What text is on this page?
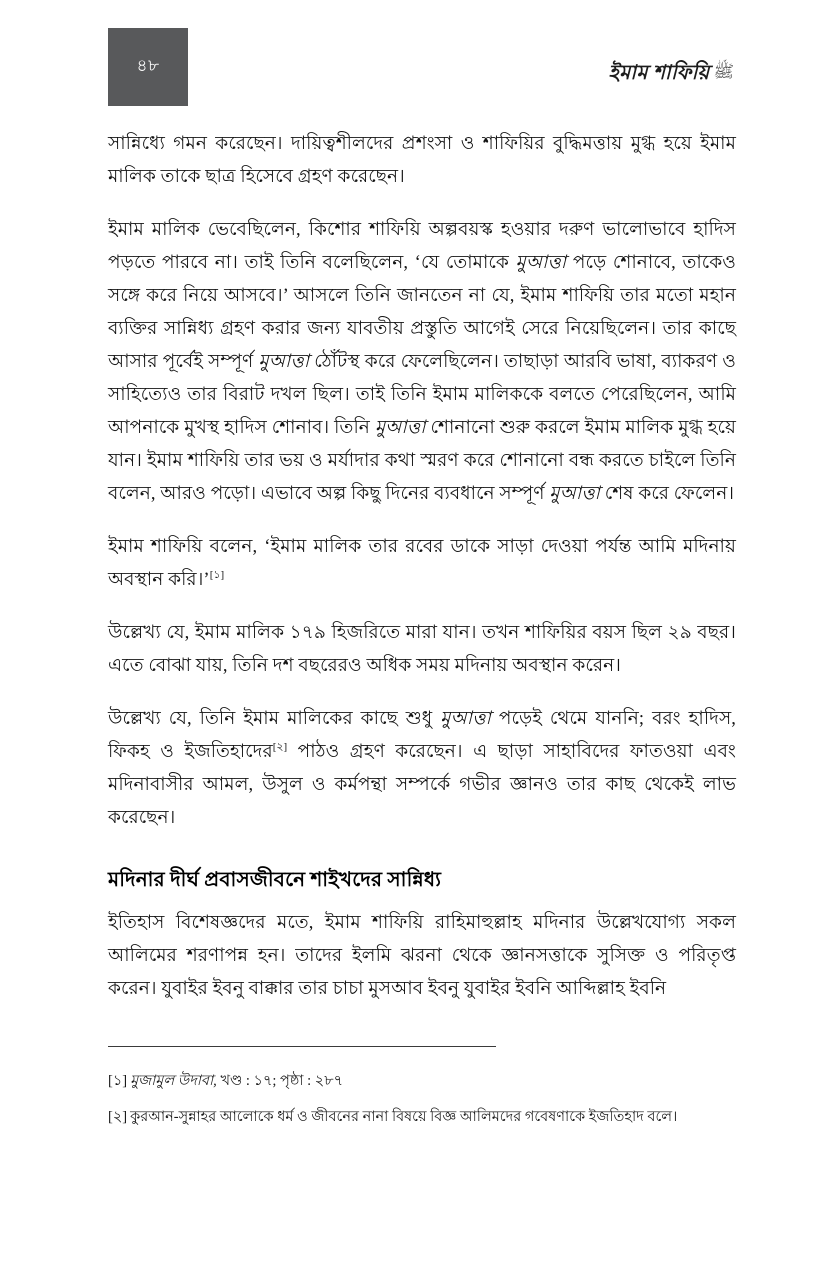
৪৮	ইমাম শাফিয়ি ﷺ

সান্নিধ্যে গমন করেছেন। দায়িত্বশীলদের প্রশংসা ও শাফিয়ির বুদ্ধিমত্তায় মুগ্ধ হয়ে ইমাম মালিক তাকে ছাত্র হিসেবে গ্রহণ করেছেন।

ইমাম মালিক ভেবেছিলেন, কিশোর শাফিয়ি অল্পবয়স্ক হওয়ার দরুণ ভালোভাবে হাদিস পড়তে পারবে না। তাই তিনি বলেছিলেন, ‘যে তোমাকে মুআত্তা পড়ে শোনাবে, তাকেও সঙ্গে করে নিয়ে আসবে।’ আসলে তিনি জানতেন না যে, ইমাম শাফিয়ি তার মতো মহান ব্যক্তির সান্নিধ্য গ্রহণ করার জন্য যাবতীয় প্রস্তুতি আগেই সেরে নিয়েছিলেন। তার কাছে আসার পূর্বেই সম্পূর্ণ মুআত্তা ঠোঁটস্থ করে ফেলেছিলেন। তাছাড়া আরবি ভাষা, ব্যাকরণ ও সাহিত্যেও তার বিরাট দখল ছিল। তাই তিনি ইমাম মালিককে বলতে পেরেছিলেন, আমি আপনাকে মুখস্থ হাদিস শোনাব। তিনি মুআত্তা শোনানো শুরু করলে ইমাম মালিক মুগ্ধ হয়ে যান। ইমাম শাফিয়ি তার ভয় ও মর্যাদার কথা স্মরণ করে শোনানো বন্ধ করতে চাইলে তিনি বলেন, আরও পড়ো। এভাবে অল্প কিছু দিনের ব্যবধানে সম্পূর্ণ মুআত্তা শেষ করে ফেলেন।

ইমাম শাফিয়ি বলেন, ‘ইমাম মালিক তার রবের ডাকে সাড়া দেওয়া পর্যন্ত আমি মদিনায় অবস্থান করি।’[১]

উল্লেখ্য যে, ইমাম মালিক ১৭৯ হিজরিতে মারা যান। তখন শাফিয়ির বয়স ছিল ২৯ বছর। এতে বোঝা যায়, তিনি দশ বছরেরও অধিক সময় মদিনায় অবস্থান করেন।

উল্লেখ্য যে, তিনি ইমাম মালিকের কাছে শুধু মুআত্তা পড়েই থেমে যাননি; বরং হাদিস, ফিকহ ও ইজতিহাদের[২] পাঠও গ্রহণ করেছেন। এ ছাড়া সাহাবিদের ফাতওয়া এবং মদিনাবাসীর আমল, উসুল ও কর্মপন্থা সম্পর্কে গভীর জ্ঞানও তার কাছ থেকেই লাভ করেছেন।

মদিনার দীর্ঘ প্রবাসজীবনে শাইখদের সান্নিধ্য

ইতিহাস বিশেষজ্ঞদের মতে, ইমাম শাফিয়ি রাহিমাহুল্লাহ মদিনার উল্লেখযোগ্য সকল আলিমের শরণাপন্ন হন। তাদের ইলমি ঝরনা থেকে জ্ঞানসত্তাকে সুসিক্ত ও পরিতৃপ্ত করেন। যুবাইর ইবনু বাক্কার তার চাচা মুসআব ইবনু যুবাইর ইবনি আব্দিল্লাহ ইবনি

[১] মুজামুল উদাবা, খণ্ড : ১৭; পৃষ্ঠা : ২৮৭
[২] কুরআন-সুন্নাহর আলোকে ধর্ম ও জীবনের নানা বিষয়ে বিজ্ঞ আলিমদের গবেষণাকে ইজতিহাদ বলে।
